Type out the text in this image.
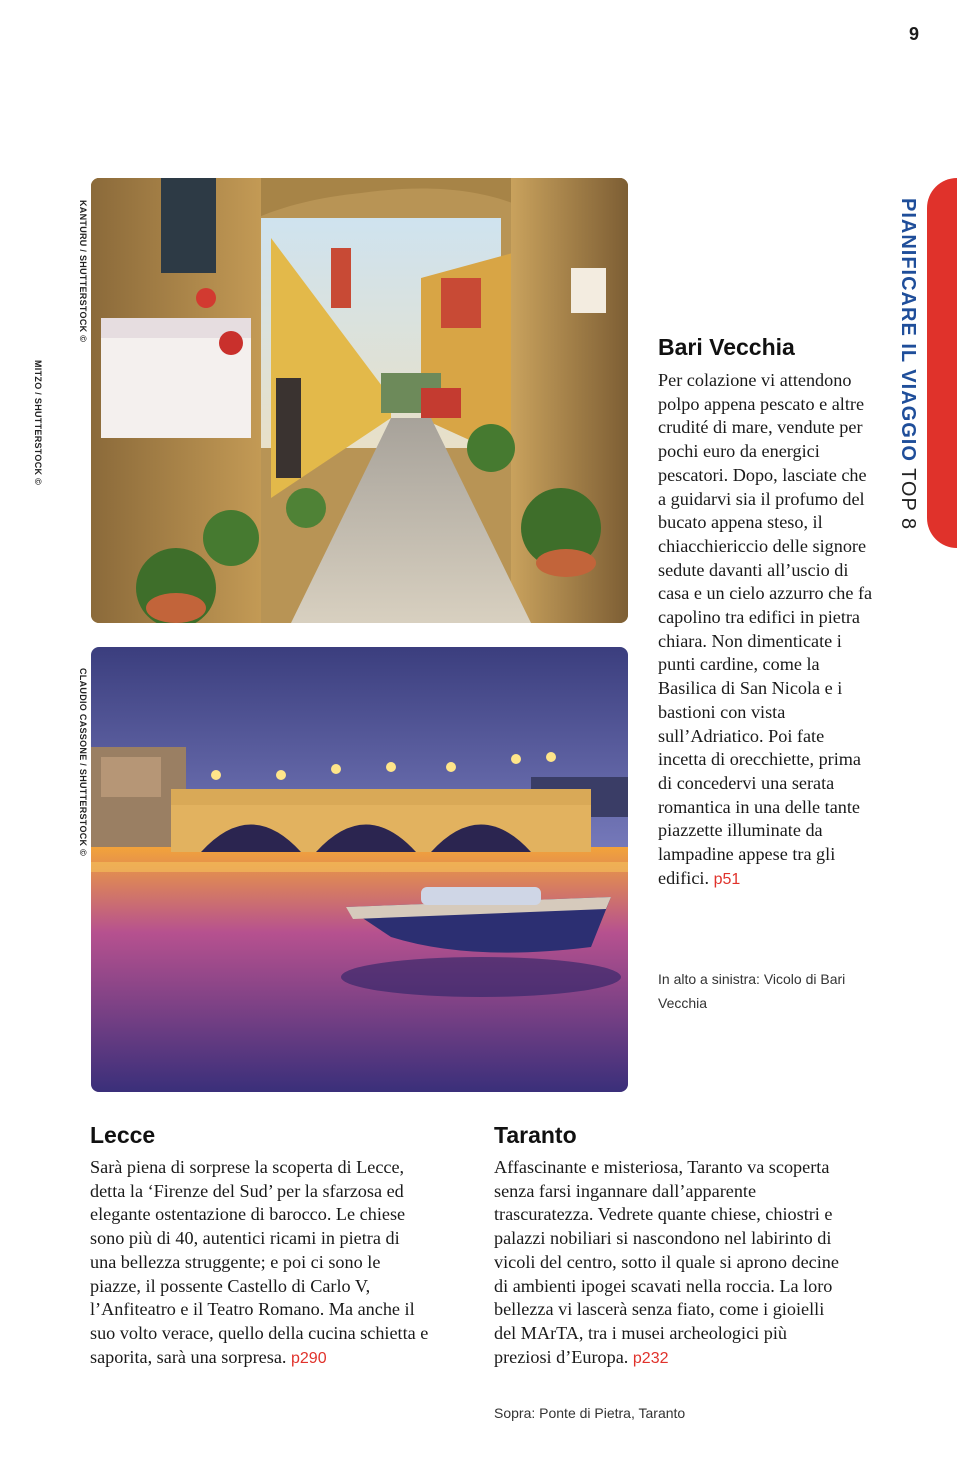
9
PIANIFICARE IL VIAGGIO TOP 8
KANTURU / SHUTTERSTOCK ©
MITZO / SHUTTERSTOCK ©
CLAUDIO CASSONE / SHUTTERSTOCK ©
Bari Vecchia

Per colazione vi attendono polpo appena pescato e altre crudité di mare, vendute per pochi euro da energici pescatori. Dopo, lasciate che a guidarvi sia il profumo del bucato appena steso, il chiacchiericcio delle signore sedute davanti all’uscio di casa e un cielo azzurro che fa capolino tra edifici in pietra chiara. Non dimenticate i punti cardine, come la Basilica di San Nicola e i bastioni con vista sull’Adriatico. Poi fate incetta di orecchiette, prima di concedervi una serata romantica in una delle tante piazzette illuminate da lampadine appese tra gli edifici. p51

In alto a sinistra: Vicolo di Bari Vecchia

Lecce

Sarà piena di sorprese la scoperta di Lecce, detta la ‘Firenze del Sud’ per la sfarzosa ed elegante ostentazione di barocco. Le chiese sono più di 40, autentici ricami in pietra di una bellezza struggente; e poi ci sono le piazze, il possente Castello di Carlo V, l’Anfiteatro e il Teatro Romano. Ma anche il suo volto verace, quello della cucina schietta e saporita, sarà una sorpresa. p290

Taranto

Affascinante e misteriosa, Taranto va scoperta senza farsi ingannare dall’apparente trascuratezza. Vedrete quante chiese, chiostri e palazzi nobiliari si nascondono nel labirinto di vicoli del centro, sotto il quale si aprono decine di ambienti ipogei scavati nella roccia. La loro bellezza vi lascerà senza fiato, come i gioielli del MArTA, tra i musei archeologici più preziosi d’Europa. p232

Sopra: Ponte di Pietra, Taranto
